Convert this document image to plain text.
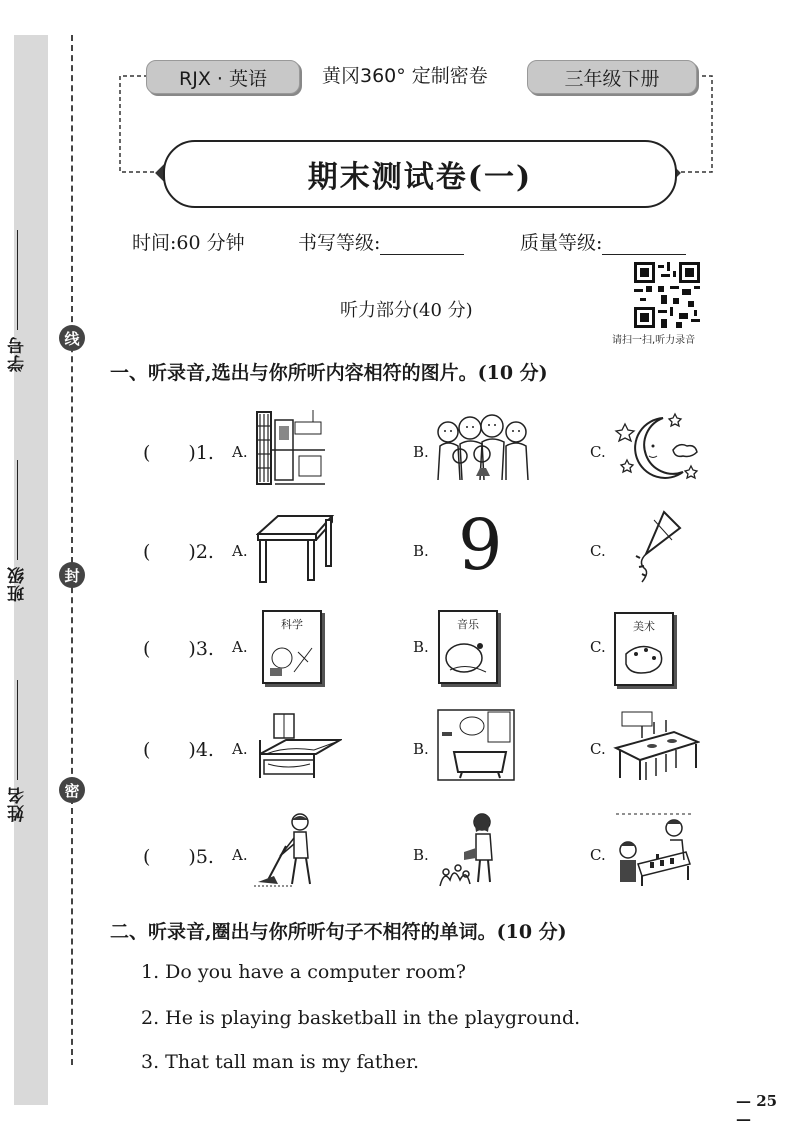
学号
班级
姓名
线
封
密
RJX · 英语	黄冈360° 定制密卷	三年级下册
期末测试卷(一)
时间:60 分钟	书写等级:	质量等级:
请扫一扫,听力录音
听力部分(40 分)
一、听录音,选出与你所听内容相符的图片。(10 分)
(　　)1. A.	B.	C.
(　　)2. A.	B.	C.
9
(　　)3. A.	B.	C.
科学	音乐	美术
(　　)4. A.	B.	C.
(　　)5. A.	B.	C.
二、听录音,圈出与你所听句子不相符的单词。(10 分)
1. Do you have a computer room?
2. He is playing basketball in the playground.
3. That tall man is my father.
— 25 —
